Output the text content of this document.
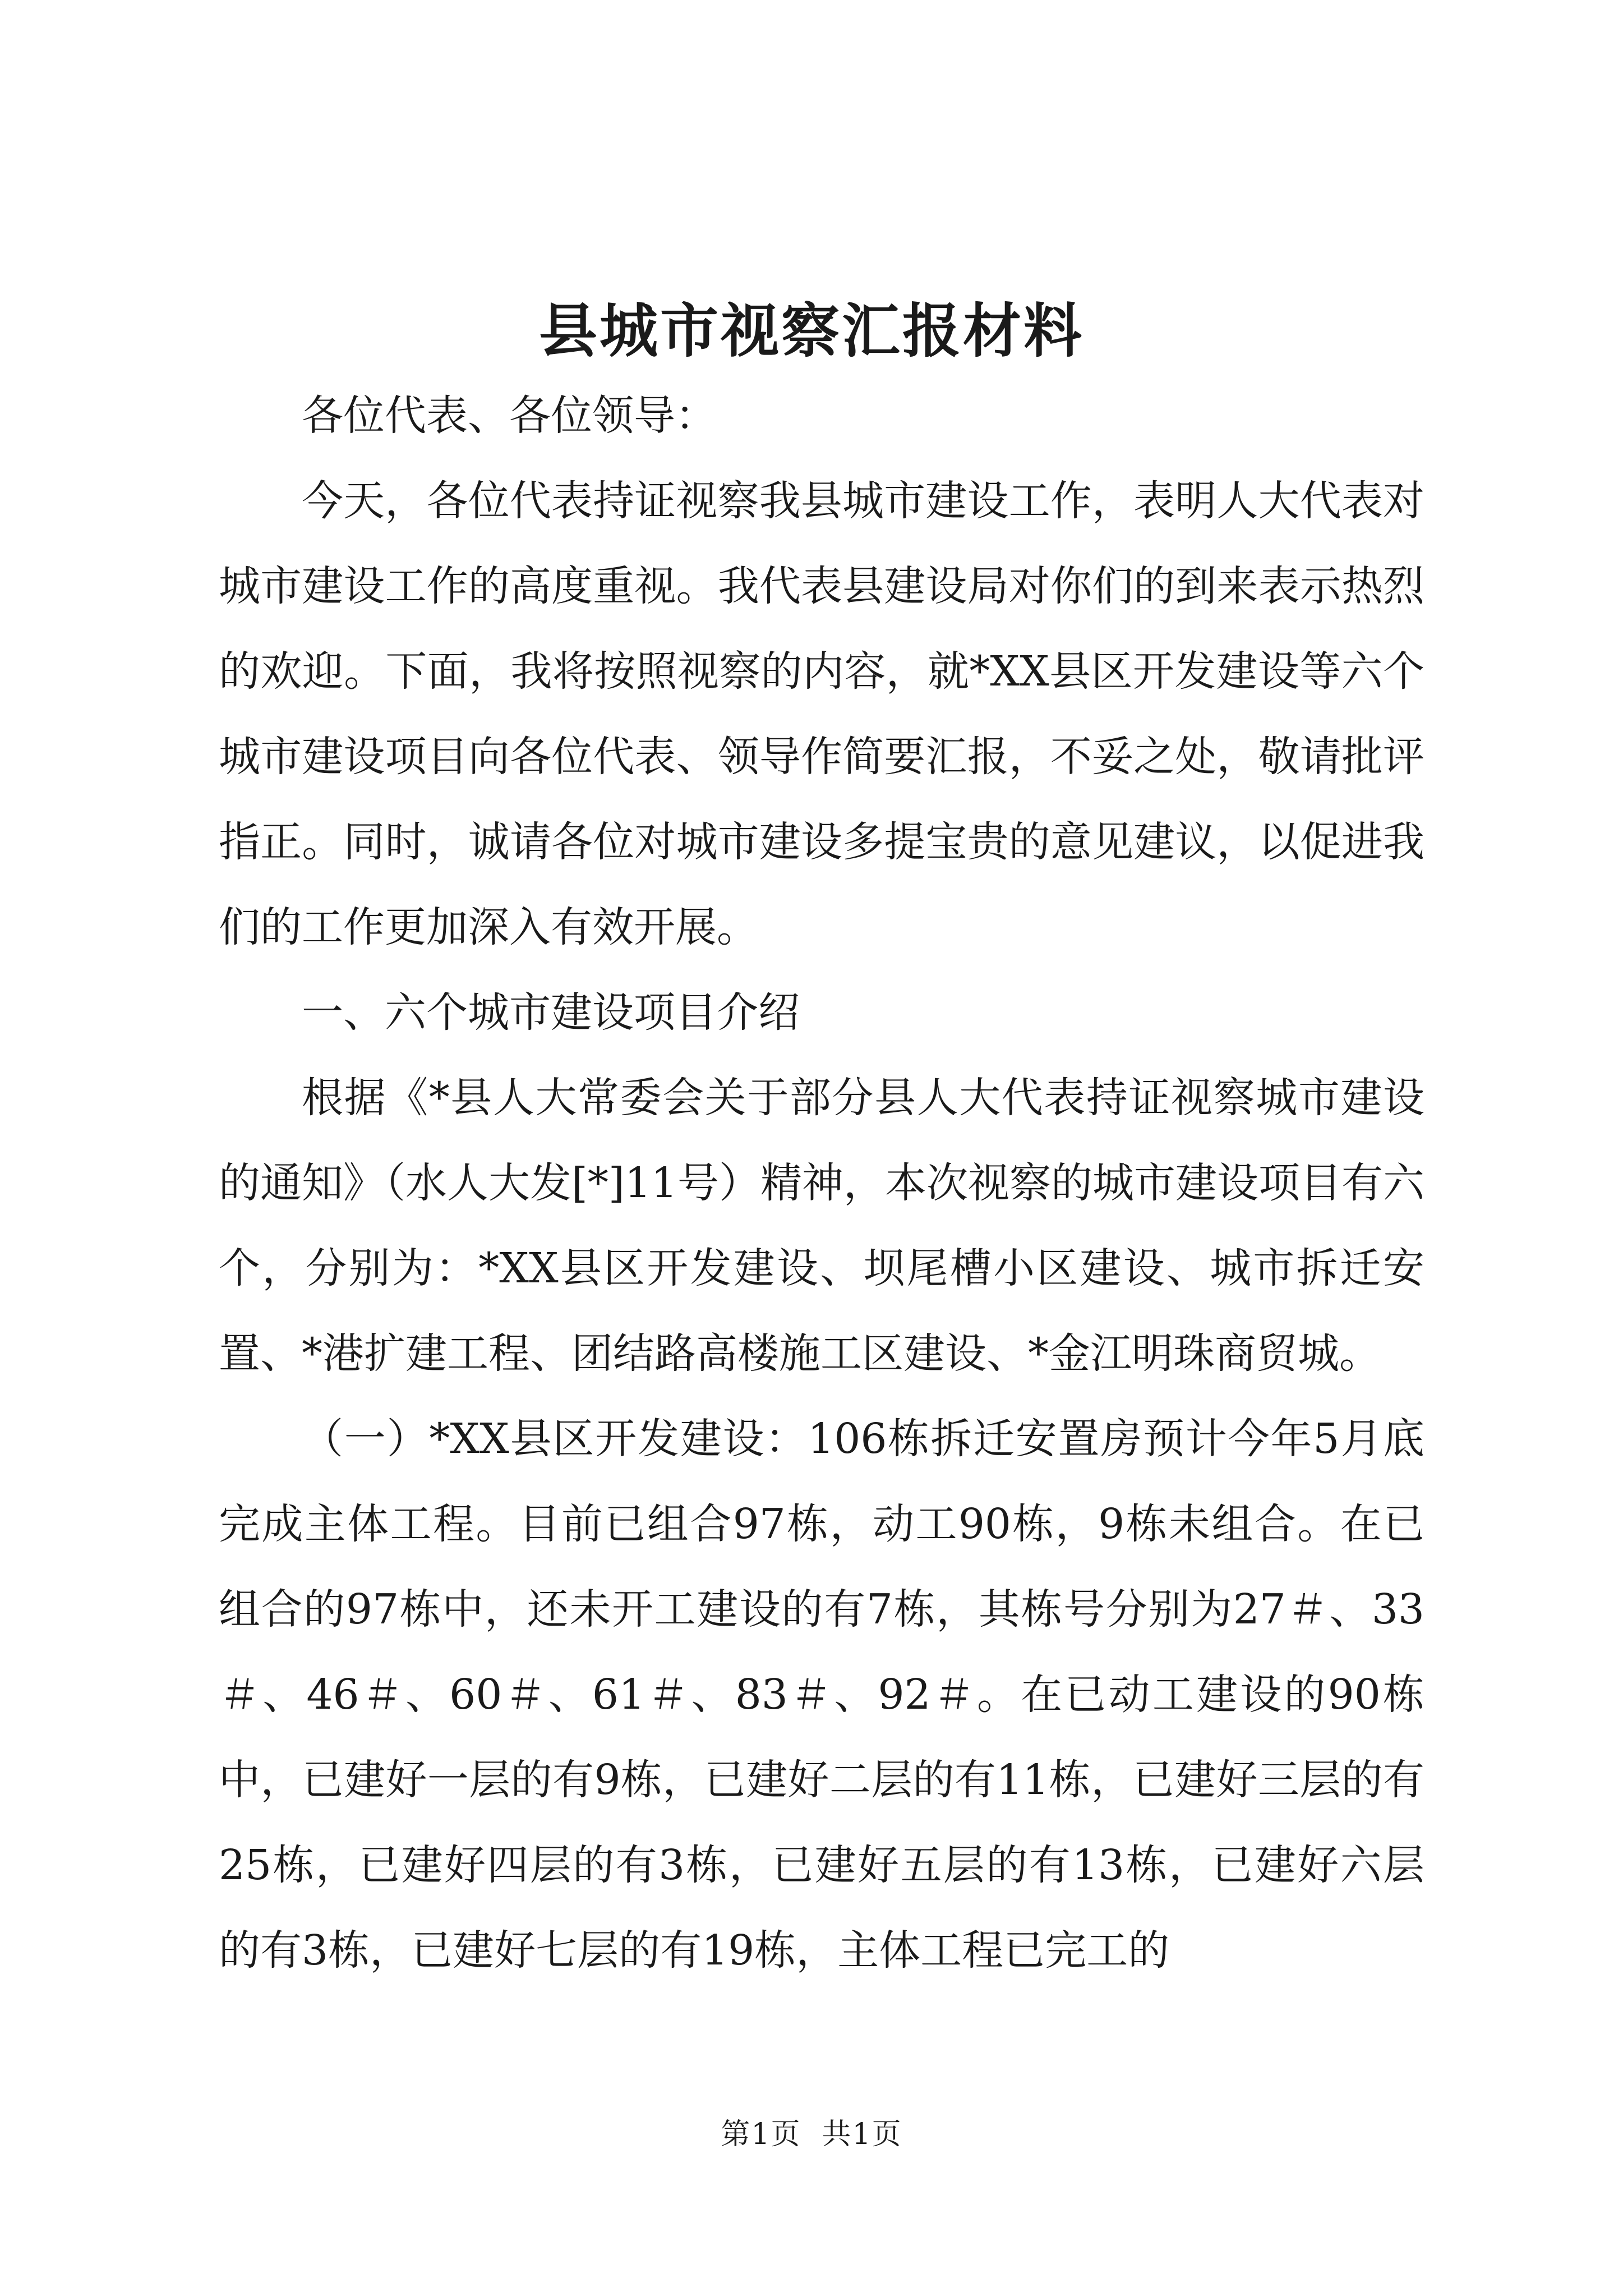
县城市视察汇报材料

各位代表、各位领导：

今天，各位代表持证视察我县城市建设工作，表明人大代表对城市建设工作的高度重视。我代表县建设局对你们的到来表示热烈的欢迎。下面，我将按照视察的内容，就*XX县区开发建设等六个城市建设项目向各位代表、领导作简要汇报，不妥之处，敬请批评指正。同时，诚请各位对城市建设多提宝贵的意见建议，以促进我们的工作更加深入有效开展。

一、六个城市建设项目介绍

根据《*县人大常委会关于部分县人大代表持证视察城市建设的通知》（水人大发[*]11号）精神，本次视察的城市建设项目有六个，分别为：*XX县区开发建设、坝尾槽小区建设、城市拆迁安置、*港扩建工程、团结路高楼施工区建设、*金江明珠商贸城。

（一）*XX县区开发建设：106栋拆迁安置房预计今年5月底完成主体工程。目前已组合97栋，动工90栋，9栋未组合。在已组合的97栋中，还未开工建设的有7栋，其栋号分别为27＃、33＃、46＃、60＃、61＃、83＃、92＃。在已动工建设的90栋中，已建好一层的有9栋，已建好二层的有11栋，已建好三层的有25栋，已建好四层的有3栋，已建好五层的有13栋，已建好六层的有3栋，已建好七层的有19栋，主体工程已完工的

第1页 共1页
